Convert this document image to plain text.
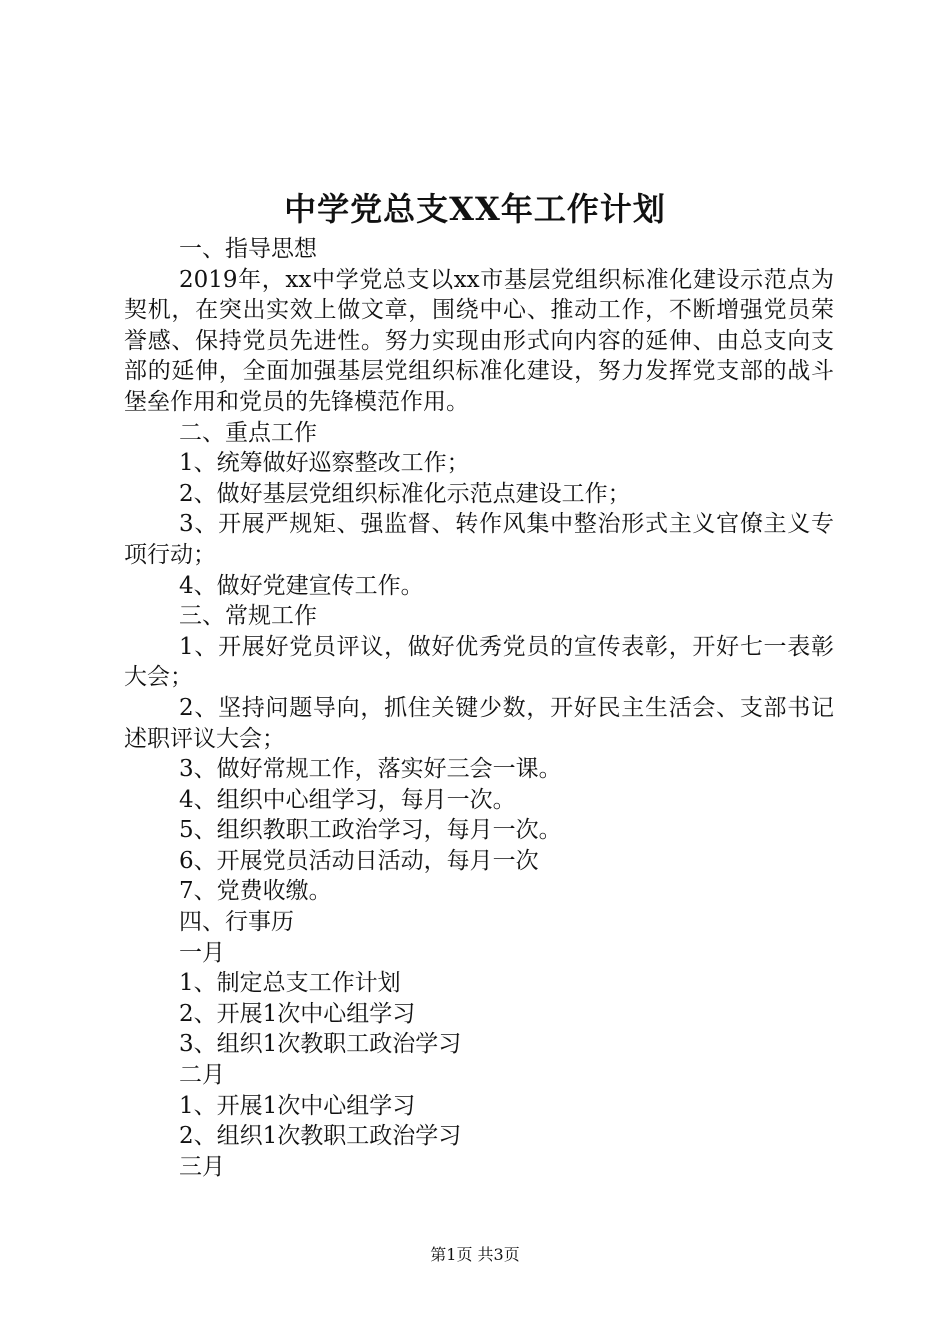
中学党总支XX年工作计划

一、指导思想

2019年，xx中学党总支以xx市基层党组织标准化建设示范点为契机，在突出实效上做文章，围绕中心、推动工作，不断增强党员荣誉感、保持党员先进性。努力实现由形式向内容的延伸、由总支向支部的延伸，全面加强基层党组织标准化建设，努力发挥党支部的战斗堡垒作用和党员的先锋模范作用。

二、重点工作

1、统筹做好巡察整改工作；

2、做好基层党组织标准化示范点建设工作；

3、开展严规矩、强监督、转作风集中整治形式主义官僚主义专项行动；

4、做好党建宣传工作。

三、常规工作

1、开展好党员评议，做好优秀党员的宣传表彰，开好七一表彰大会；

2、坚持问题导向，抓住关键少数，开好民主生活会、支部书记述职评议大会；

3、做好常规工作，落实好三会一课。

4、组织中心组学习，每月一次。

5、组织教职工政治学习，每月一次。

6、开展党员活动日活动，每月一次

7、党费收缴。

四、行事历

一月

1、制定总支工作计划

2、开展1次中心组学习

3、组织1次教职工政治学习

二月

1、开展1次中心组学习

2、组织1次教职工政治学习

三月

第1页 共3页
